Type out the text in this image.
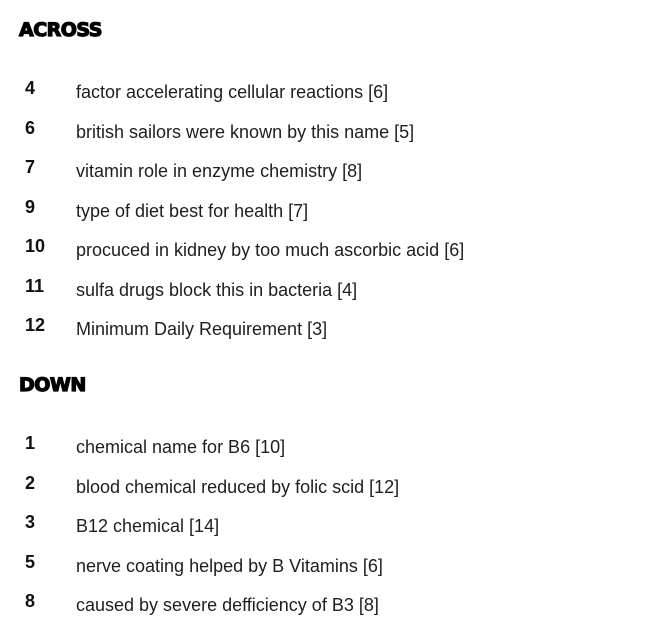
ACROSS
4 factor accelerating cellular reactions [6]
6 british sailors were known by this name [5]
7 vitamin role in enzyme chemistry [8]
9 type of diet best for health [7]
10 procuced in kidney by too much ascorbic acid [6]
11 sulfa drugs block this in bacteria [4]
12 Minimum Daily Requirement [3]
DOWN
1 chemical name for B6 [10]
2 blood chemical reduced by folic scid [12]
3 B12 chemical [14]
5 nerve coating helped by B Vitamins [6]
8 caused by severe defficiency of B3 [8]
